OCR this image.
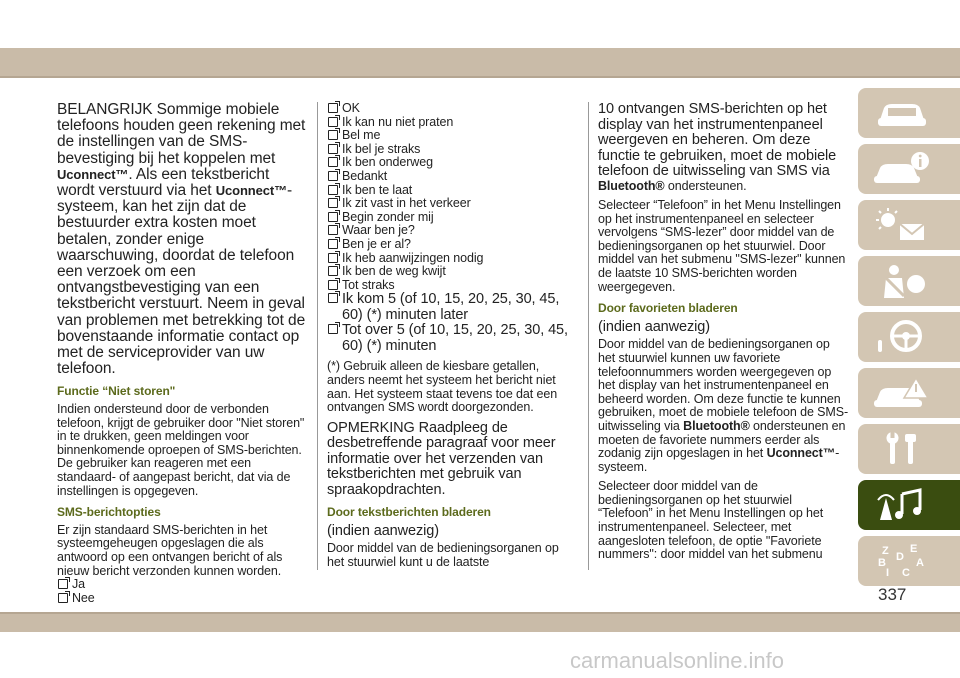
BELANGRIJK Sommige mobiele telefoons houden geen rekening met de instellingen van de SMS-bevestiging bij het koppelen met Uconnect™. Als een tekstbericht wordt verstuurd via het Uconnect™-systeem, kan het zijn dat de bestuurder extra kosten moet betalen, zonder enige waarschuwing, doordat de telefoon een verzoek om een ontvangstbevestiging van een tekstbericht verstuurt. Neem in geval van problemen met betrekking tot de bovenstaande informatie contact op met de serviceprovider van uw telefoon.

Functie “Niet storen"

Indien ondersteund door de verbonden telefoon, krijgt de gebruiker door "Niet storen" in te drukken, geen meldingen voor binnenkomende oproepen of SMS-berichten. De gebruiker kan reageren met een standaard- of aangepast bericht, dat via de instellingen is opgegeven.

SMS-berichtopties

Er zijn standaard SMS-berichten in het systeemgeheugen opgeslagen die als antwoord op een ontvangen bericht of als nieuw bericht verzonden kunnen worden.

Ja
Nee
OK
Ik kan nu niet praten
Bel me
Ik bel je straks
Ik ben onderweg
Bedankt
Ik ben te laat
Ik zit vast in het verkeer
Begin zonder mij
Waar ben je?
Ben je er al?
Ik heb aanwijzingen nodig
Ik ben de weg kwijt
Tot straks
Ik kom 5 (of 10, 15, 20, 25, 30, 45, 60) (*) minuten later
Tot over 5 (of 10, 15, 20, 25, 30, 45, 60) (*) minuten

(*) Gebruik alleen de kiesbare getallen, anders neemt het systeem het bericht niet aan. Het systeem staat tevens toe dat een ontvangen SMS wordt doorgezonden.

OPMERKING Raadpleeg de desbetreffende paragraaf voor meer informatie over het verzenden van tekstberichten met gebruik van spraakopdrachten.

Door tekstberichten bladeren

(indien aanwezig)

Door middel van de bedieningsorganen op het stuurwiel kunt u de laatste

10 ontvangen SMS-berichten op het display van het instrumentenpaneel weergeven en beheren. Om deze functie te gebruiken, moet de mobiele telefoon de uitwisseling van SMS via Bluetooth® ondersteunen.

Selecteer “Telefoon” in het Menu Instellingen op het instrumentenpaneel en selecteer vervolgens “SMS-lezer” door middel van de bedieningsorganen op het stuurwiel. Door middel van het submenu "SMS-lezer" kunnen de laatste 10 SMS-berichten worden weergegeven.

Door favorieten bladeren

(indien aanwezig)

Door middel van de bedieningsorganen op het stuurwiel kunnen uw favoriete telefoonnummers worden weergegeven op het display van het instrumentenpaneel en beheerd worden. Om deze functie te kunnen gebruiken, moet de mobiele telefoon de SMS-uitwisseling via Bluetooth® ondersteunen en moeten de favoriete nummers eerder als zodanig zijn opgeslagen in het Uconnect™-systeem.

Selecteer door middel van de bedieningsorganen op het stuurwiel “Telefoon” in het Menu Instellingen op het instrumentenpaneel. Selecteer, met aangesloten telefoon, de optie "Favoriete nummers": door middel van het submenu	Z E
B	A
I C
D
337
carmanualsonline.info
